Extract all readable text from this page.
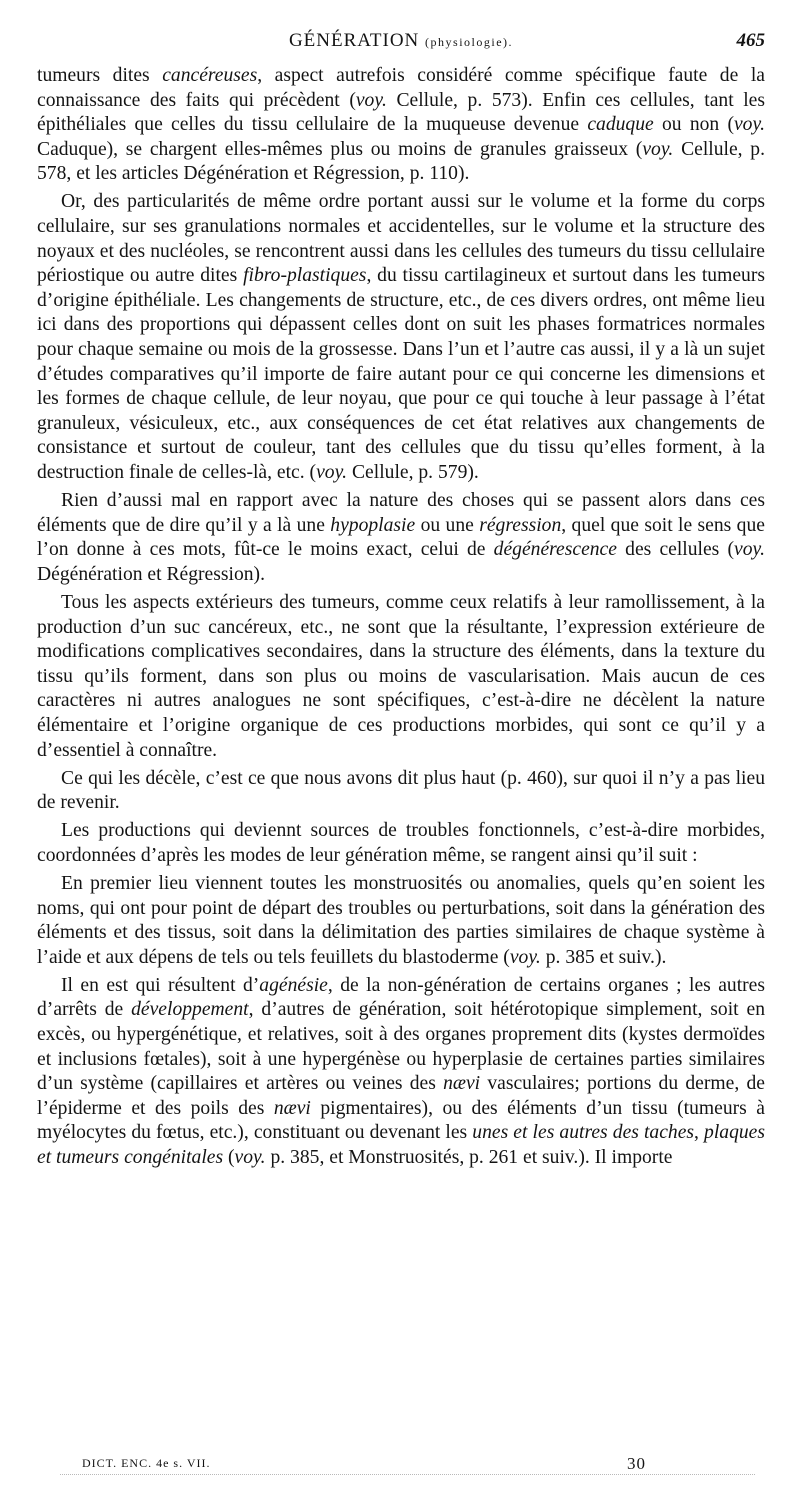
GÉNÉRATION (physiologie).	465

tumeurs dites cancéreuses, aspect autrefois considéré comme spécifique faute de la connaissance des faits qui précèdent (voy. Cellule, p. 573). Enfin ces cellules, tant les épithéliales que celles du tissu cellulaire de la muqueuse devenue caduque ou non (voy. Caduque), se chargent elles-mêmes plus ou moins de granules graisseux (voy. Cellule, p. 578, et les articles Dégénération et Régression, p. 110).

Or, des particularités de même ordre portant aussi sur le volume et la forme du corps cellulaire, sur ses granulations normales et accidentelles, sur le volume et la structure des noyaux et des nucléoles, se rencontrent aussi dans les cellules des tumeurs du tissu cellulaire périostique ou autre dites fibro-plastiques, du tissu cartilagineux et surtout dans les tumeurs d’origine épithéliale. Les changements de structure, etc., de ces divers ordres, ont même lieu ici dans des proportions qui dépassent celles dont on suit les phases formatrices normales pour chaque semaine ou mois de la grossesse. Dans l’un et l’autre cas aussi, il y a là un sujet d’études comparatives qu’il importe de faire autant pour ce qui concerne les dimensions et les formes de chaque cellule, de leur noyau, que pour ce qui touche à leur passage à l’état granuleux, vésiculeux, etc., aux conséquences de cet état relatives aux changements de consistance et surtout de couleur, tant des cellules que du tissu qu’elles forment, à la destruction finale de celles-là, etc. (voy. Cellule, p. 579).

Rien d’aussi mal en rapport avec la nature des choses qui se passent alors dans ces éléments que de dire qu’il y a là une hypoplasie ou une régression, quel que soit le sens que l’on donne à ces mots, fût-ce le moins exact, celui de dégénérescence des cellules (voy. Dégénération et Régression).

Tous les aspects extérieurs des tumeurs, comme ceux relatifs à leur ramollissement, à la production d’un suc cancéreux, etc., ne sont que la résultante, l’expression extérieure de modifications complicatives secondaires, dans la structure des éléments, dans la texture du tissu qu’ils forment, dans son plus ou moins de vascularisation. Mais aucun de ces caractères ni autres analogues ne sont spécifiques, c’est-à-dire ne décèlent la nature élémentaire et l’origine organique de ces productions morbides, qui sont ce qu’il y a d’essentiel à connaître.

Ce qui les décèle, c’est ce que nous avons dit plus haut (p. 460), sur quoi il n’y a pas lieu de revenir.

Les productions qui deviennt sources de troubles fonctionnels, c’est-à-dire morbides, coordonnées d’après les modes de leur génération même, se rangent ainsi qu’il suit :

En premier lieu viennent toutes les monstruosités ou anomalies, quels qu’en soient les noms, qui ont pour point de départ des troubles ou perturbations, soit dans la génération des éléments et des tissus, soit dans la délimitation des parties similaires de chaque système à l’aide et aux dépens de tels ou tels feuillets du blastoderme (voy. p. 385 et suiv.).

Il en est qui résultent d’agénésie, de la non-génération de certains organes ; les autres d’arrêts de développement, d’autres de génération, soit hétérotopique simplement, soit en excès, ou hypergénétique, et relatives, soit à des organes proprement dits (kystes dermoïdes et inclusions fœtales), soit à une hypergénèse ou hyperplasie de certaines parties similaires d’un système (capillaires et artères ou veines des nævi vasculaires; portions du derme, de l’épiderme et des poils des nævi pigmentaires), ou des éléments d’un tissu (tumeurs à myélocytes du fœtus, etc.), constituant ou devenant les unes et les autres des taches, plaques et tumeurs congénitales (voy. p. 385, et Monstruosités, p. 261 et suiv.). Il importe

DICT. ENC. 4e s. VII.	30
